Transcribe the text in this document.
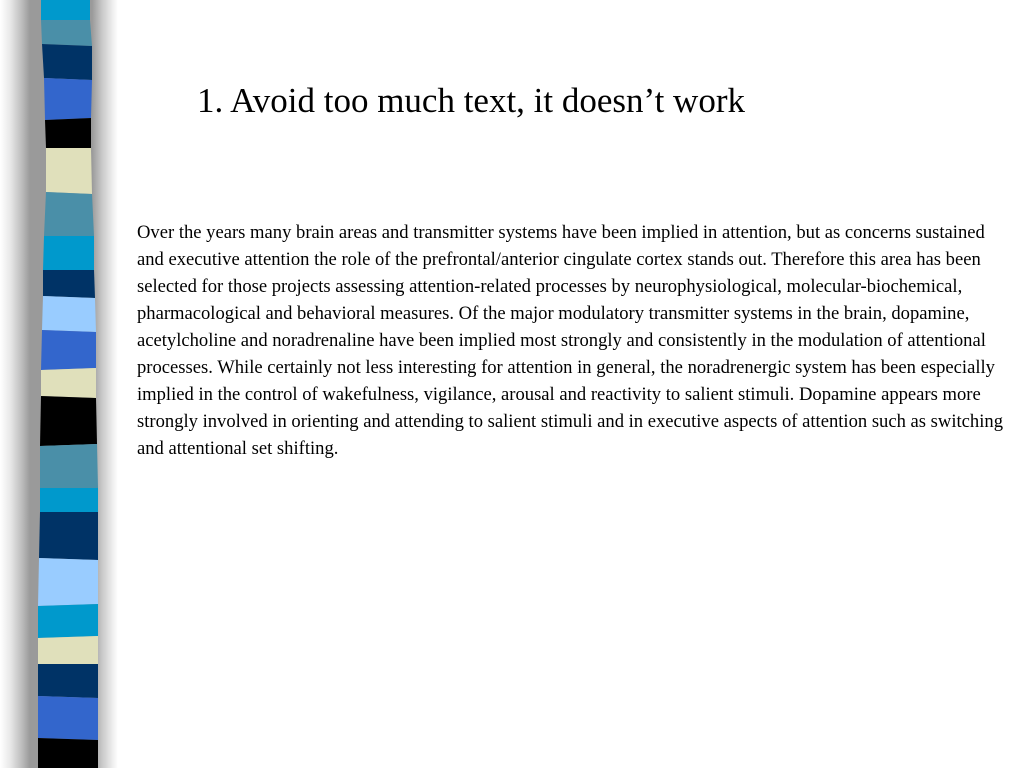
1. Avoid too much text, it doesn’t work

Over the years many brain areas and transmitter systems have been implied in attention, but as concerns sustained and executive attention the role of the prefrontal/anterior cingulate cortex stands out. Therefore this area has been selected for those projects assessing attention-related processes by neurophysiological, molecular-biochemical, pharmacological and behavioral measures. Of the major modulatory transmitter systems in the brain, dopamine, acetylcholine and noradrenaline have been implied most strongly and consistently in the modulation of attentional processes. While certainly not less interesting for attention in general, the noradrenergic system has been especially implied in the control of wakefulness, vigilance, arousal and reactivity to salient stimuli. Dopamine appears more strongly involved in orienting and attending to salient stimuli and in executive aspects of attention such as switching and attentional set shifting.
